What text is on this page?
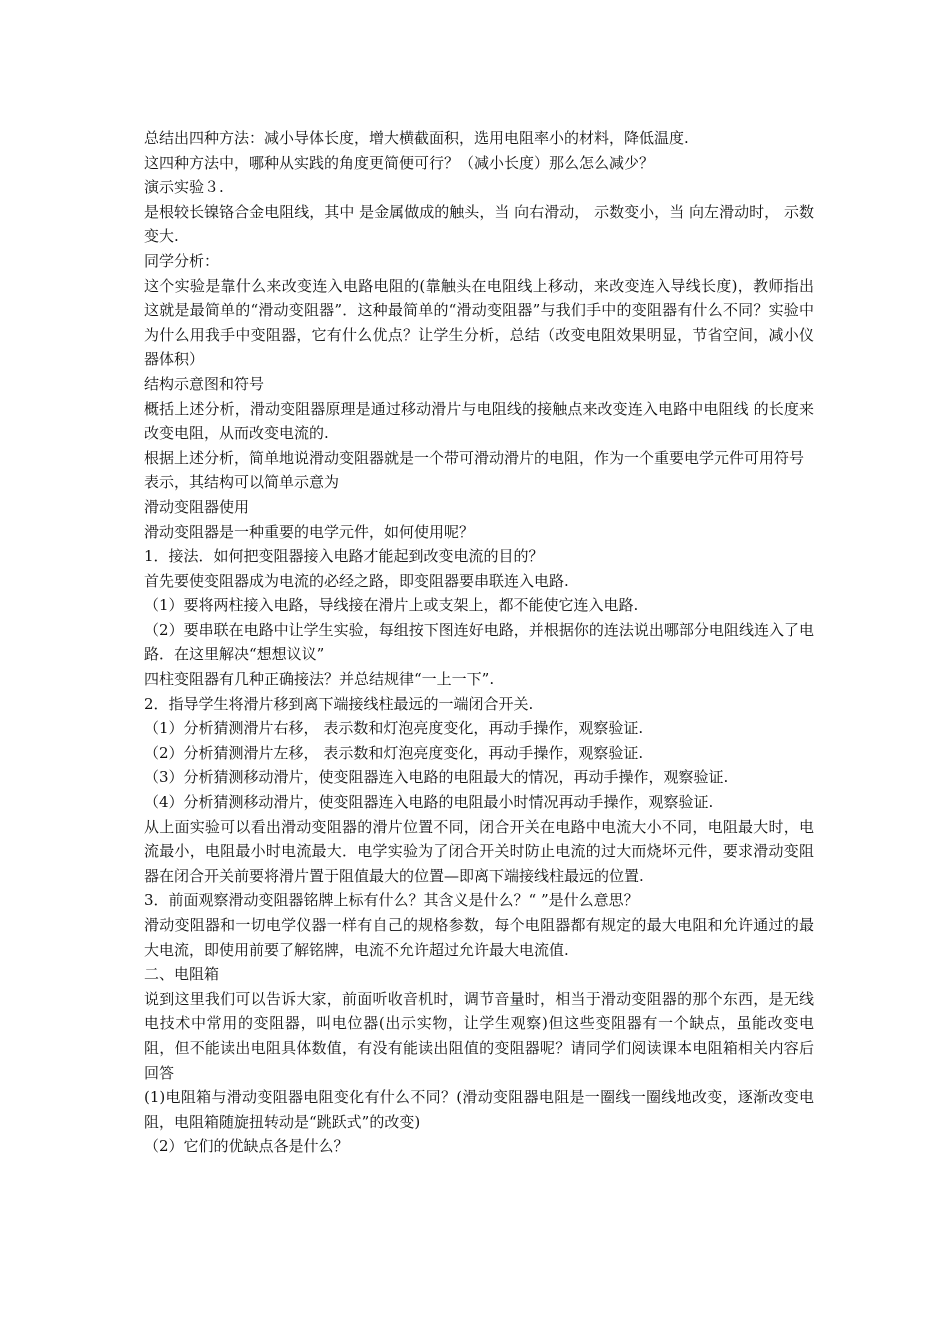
总结出四种方法：减小导体长度，增大横截面积，选用电阻率小的材料，降低温度.

这四种方法中，哪种从实践的角度更简便可行？（减小长度）那么怎么减少？

演示实验３.

是根较长镍铬合金电阻线，其中 是金属做成的触头，当 向右滑动， 示数变小，当 向左滑动时， 示数变大.

同学分析：

这个实验是靠什么来改变连入电路电阻的(靠触头在电阻线上移动，来改变连入导线长度)，教师指出这就是最简单的“滑动变阻器”．这种最简单的“滑动变阻器”与我们手中的变阻器有什么不同？实验中为什么用我手中变阻器，它有什么优点？让学生分析，总结（改变电阻效果明显，节省空间，减小仪器体积）

结构示意图和符号

概括上述分析，滑动变阻器原理是通过移动滑片与电阻线的接触点来改变连入电路中电阻线 的长度来改变电阻，从而改变电流的.

根据上述分析，简单地说滑动变阻器就是一个带可滑动滑片的电阻，作为一个重要电学元件可用符号

表示，其结构可以简单示意为

滑动变阻器使用

滑动变阻器是一种重要的电学元件，如何使用呢？

1．接法．如何把变阻器接入电路才能起到改变电流的目的？

首先要使变阻器成为电流的必经之路，即变阻器要串联连入电路.

（1）要将两柱接入电路，导线接在滑片上或支架上，都不能使它连入电路.

（2）要串联在电路中让学生实验，每组按下图连好电路，并根据你的连法说出哪部分电阻线连入了电路．在这里解决“想想议议”

四柱变阻器有几种正确接法？并总结规律“一上一下”.

2．指导学生将滑片移到离下端接线柱最远的一端闭合开关.

（1）分析猜测滑片右移， 表示数和灯泡亮度变化，再动手操作，观察验证.

（2）分析猜测滑片左移， 表示数和灯泡亮度变化，再动手操作，观察验证.

（3）分析猜测移动滑片，使变阻器连入电路的电阻最大的情况，再动手操作，观察验证.

（4）分析猜测移动滑片，使变阻器连入电路的电阻最小时情况再动手操作，观察验证.

从上面实验可以看出滑动变阻器的滑片位置不同，闭合开关在电路中电流大小不同，电阻最大时，电流最小，电阻最小时电流最大．电学实验为了闭合开关时防止电流的过大而烧坏元件，要求滑动变阻器在闭合开关前要将滑片置于阻值最大的位置—即离下端接线柱最远的位置.

3．前面观察滑动变阻器铭牌上标有什么？其含义是什么？“ ”是什么意思？

滑动变阻器和一切电学仪器一样有自己的规格参数，每个电阻器都有规定的最大电阻和允许通过的最大电流，即使用前要了解铭牌，电流不允许超过允许最大电流值.

二、电阻箱

说到这里我们可以告诉大家，前面听收音机时，调节音量时，相当于滑动变阻器的那个东西，是无线电技术中常用的变阻器，叫电位器(出示实物，让学生观察)但这些变阻器有一个缺点，虽能改变电阻，但不能读出电阻具体数值，有没有能读出阻值的变阻器呢？请同学们阅读课本电阻箱相关内容后回答

(1)电阻箱与滑动变阻器电阻变化有什么不同？(滑动变阻器电阻是一圈线一圈线地改变，逐渐改变电阻，电阻箱随旋扭转动是“跳跃式”的改变)

（2）它们的优缺点各是什么？
